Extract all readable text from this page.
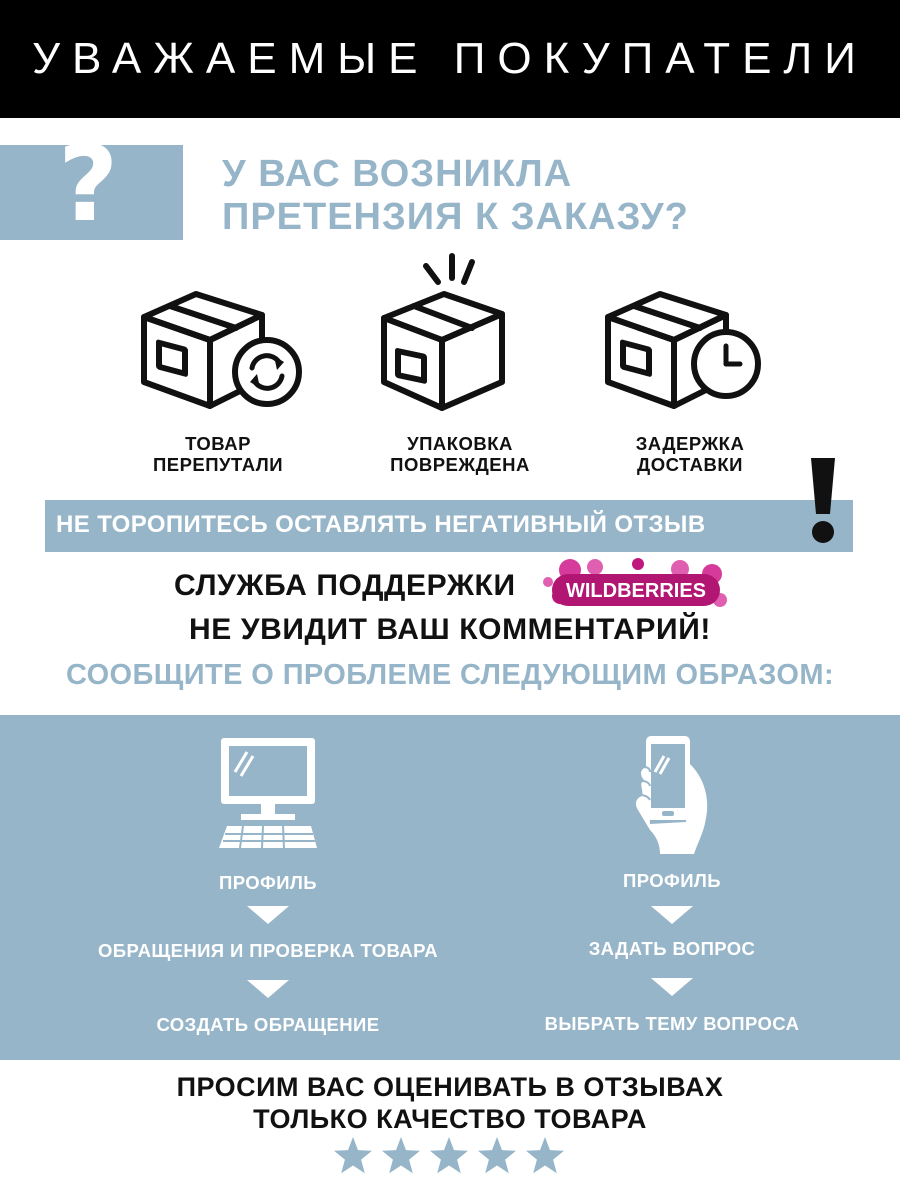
УВАЖАЕМЫЕ ПОКУПАТЕЛИ
?	У ВАС ВОЗНИКЛА
ПРЕТЕНЗИЯ К ЗАКАЗУ?
ТОВАР
ПЕРЕПУТАЛИ
УПАКОВКА
ПОВРЕЖДЕНА
ЗАДЕРЖКА
ДОСТАВКИ
НЕ ТОРОПИТЕСЬ ОСТАВЛЯТЬ НЕГАТИВНЫЙ ОТЗЫВ
СЛУЖБА ПОДДЕРЖКИ	WILDBERRIES
НЕ УВИДИТ ВАШ КОММЕНТАРИЙ!
СООБЩИТЕ О ПРОБЛЕМЕ СЛЕДУЮЩИМ ОБРАЗОМ:
ПРОФИЛЬ
ОБРАЩЕНИЯ И ПРОВЕРКА ТОВАРА
СОЗДАТЬ ОБРАЩЕНИЕ
ПРОФИЛЬ
ЗАДАТЬ ВОПРОС
ВЫБРАТЬ ТЕМУ ВОПРОСА
ПРОСИМ ВАС ОЦЕНИВАТЬ В ОТЗЫВАХ
ТОЛЬКО КАЧЕСТВО ТОВАРА
